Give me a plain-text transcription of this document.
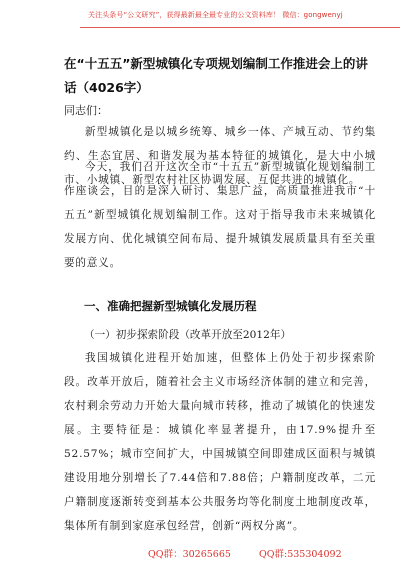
关注头条号“公文研究”，获得最新最全最专业的公文资料库！ 微信：gongwenyj
在“十五五”新型城镇化专项规划编制工作推进会上的讲话（4026字）
同志们：

新型城镇化是以城乡统筹、城乡一体、产城互动、节约集约、生态宜居、和谐发展为基本特征的城镇化，是大中小城市、小城镇、新型农村社区协调发展、互促共进的城镇化。

今天，我们召开这次全市“十五五”新型城镇化规划编制工作座谈会，目的是深入研讨、集思广益，高质量推进我市“十五五”新型城镇化规划编制工作。这对于指导我市未来城镇化发展方向、优化城镇空间布局、提升城镇发展质量具有至关重要的意义。

一、准确把握新型城镇化发展历程
（一）初步探索阶段（改革开放至2012年）

我国城镇化进程开始加速，但整体上仍处于初步探索阶段。改革开放后，随着社会主义市场经济体制的建立和完善，农村剩余劳动力开始大量向城市转移，推动了城镇化的快速发展。主要特征是：城镇化率显著提升，由17.9%提升至52.57%；城市空间扩大，中国城镇空间即建成区面积与城镇建设用地分别增长了7.44倍和7.88倍；户籍制度改革，二元户籍制度逐渐转变到基本公共服务均等化制度土地制度改革，集体所有制到家庭承包经营，创新“两权分离”。

QQ群：30265665	QQ群:535304092
